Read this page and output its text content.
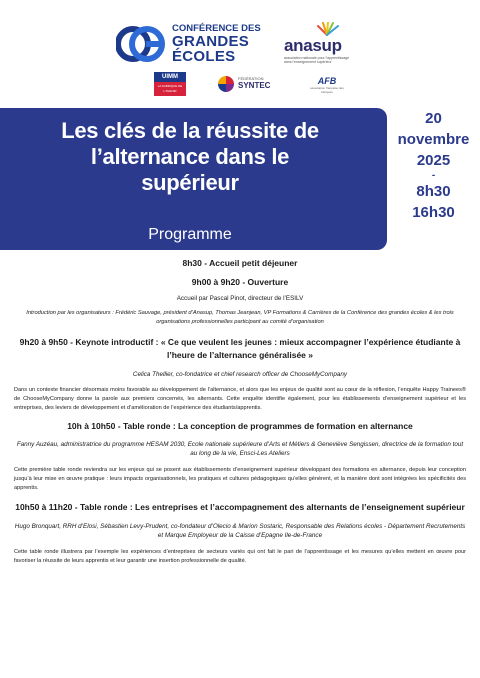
CONFÉRENCE DES
GRANDES
ÉCOLES
anasup
association nationale pour l'apprentissage dans l'enseignement supérieur
UIMM
LA FABRIQUE DE L'AVENIR
FÉDÉRATION
SYNTEC	AFB
association française des banques
Les clés de la réussite de
l’alternance dans le
supérieur
Programme
20
novembre
2025
-
8h30
16h30

8h30 - Accueil petit déjeuner

9h00 à 9h20 - Ouverture

Accueil par Pascal Pinot, directeur de l’ESILV

Introduction par les organisateurs : Frédéric Sauvage, président d’Anasup, Thomas Jeanjean, VP Formations & Carrières de la Conférence des grandes écoles & les trois organisations professionnelles participant au comité d’organisation

9h20 à 9h50 - Keynote introductif : « Ce que veulent les jeunes : mieux accompagner l’expérience étudiante à l’heure de l’alternance généralisée »

Celica Thellier, co-fondatrice et chief research officer de ChooseMyCompany

Dans un contexte financier désormais moins favorable au développement de l’alternance, et alors que les enjeux de qualité sont au cœur de la réflexion, l’enquête Happy Trainees® de ChooseMyCompany donne la parole aux premiers concernés, les alternants. Cette enquête identifie également, pour les établissements d’enseignement supérieur et les entreprises, des leviers de développement et d’amélioration de l’expérience des étudiants/apprentis.

10h à 10h50 - Table ronde : La conception de programmes de formation en alternance

Fanny Auzéau, administratrice du programme HESAM 2030, Ecole nationale supérieure d’Arts et Métiers & Geneviève Sengissen, directrice de la formation tout au long de la vie, Ensci-Les Ateliers

Cette première table ronde reviendra sur les enjeux qui se posent aux établissements d’enseignement supérieur développant des formations en alternance, depuis leur conception jusqu’à leur mise en œuvre pratique : leurs impacts organisationnels, les pratiques et cultures pédagogiques qu’elles génèrent, et la manière dont sont intégrées les spécificités des apprentis.

10h50 à 11h20 - Table ronde : Les entreprises et l’accompagnement des alternants de l’enseignement supérieur

Hugo Bronquart, RRH d’Elosi, Sébastien Levy-Prudent, co-fondateur d’Olecio & Marion Sostaric, Responsable des Relations écoles - Département Recrutements et Marque Employeur de la Caisse d’Epagne Ile-de-France

Cette table ronde illustrera par l’exemple les expériences d’entreprises de secteurs variés qui ont fait le pari de l’apprentissage et les mesures qu’elles mettent en œuvre pour favoriser la réussite de leurs apprentis et leur garantir une insertion professionnelle de qualité.
